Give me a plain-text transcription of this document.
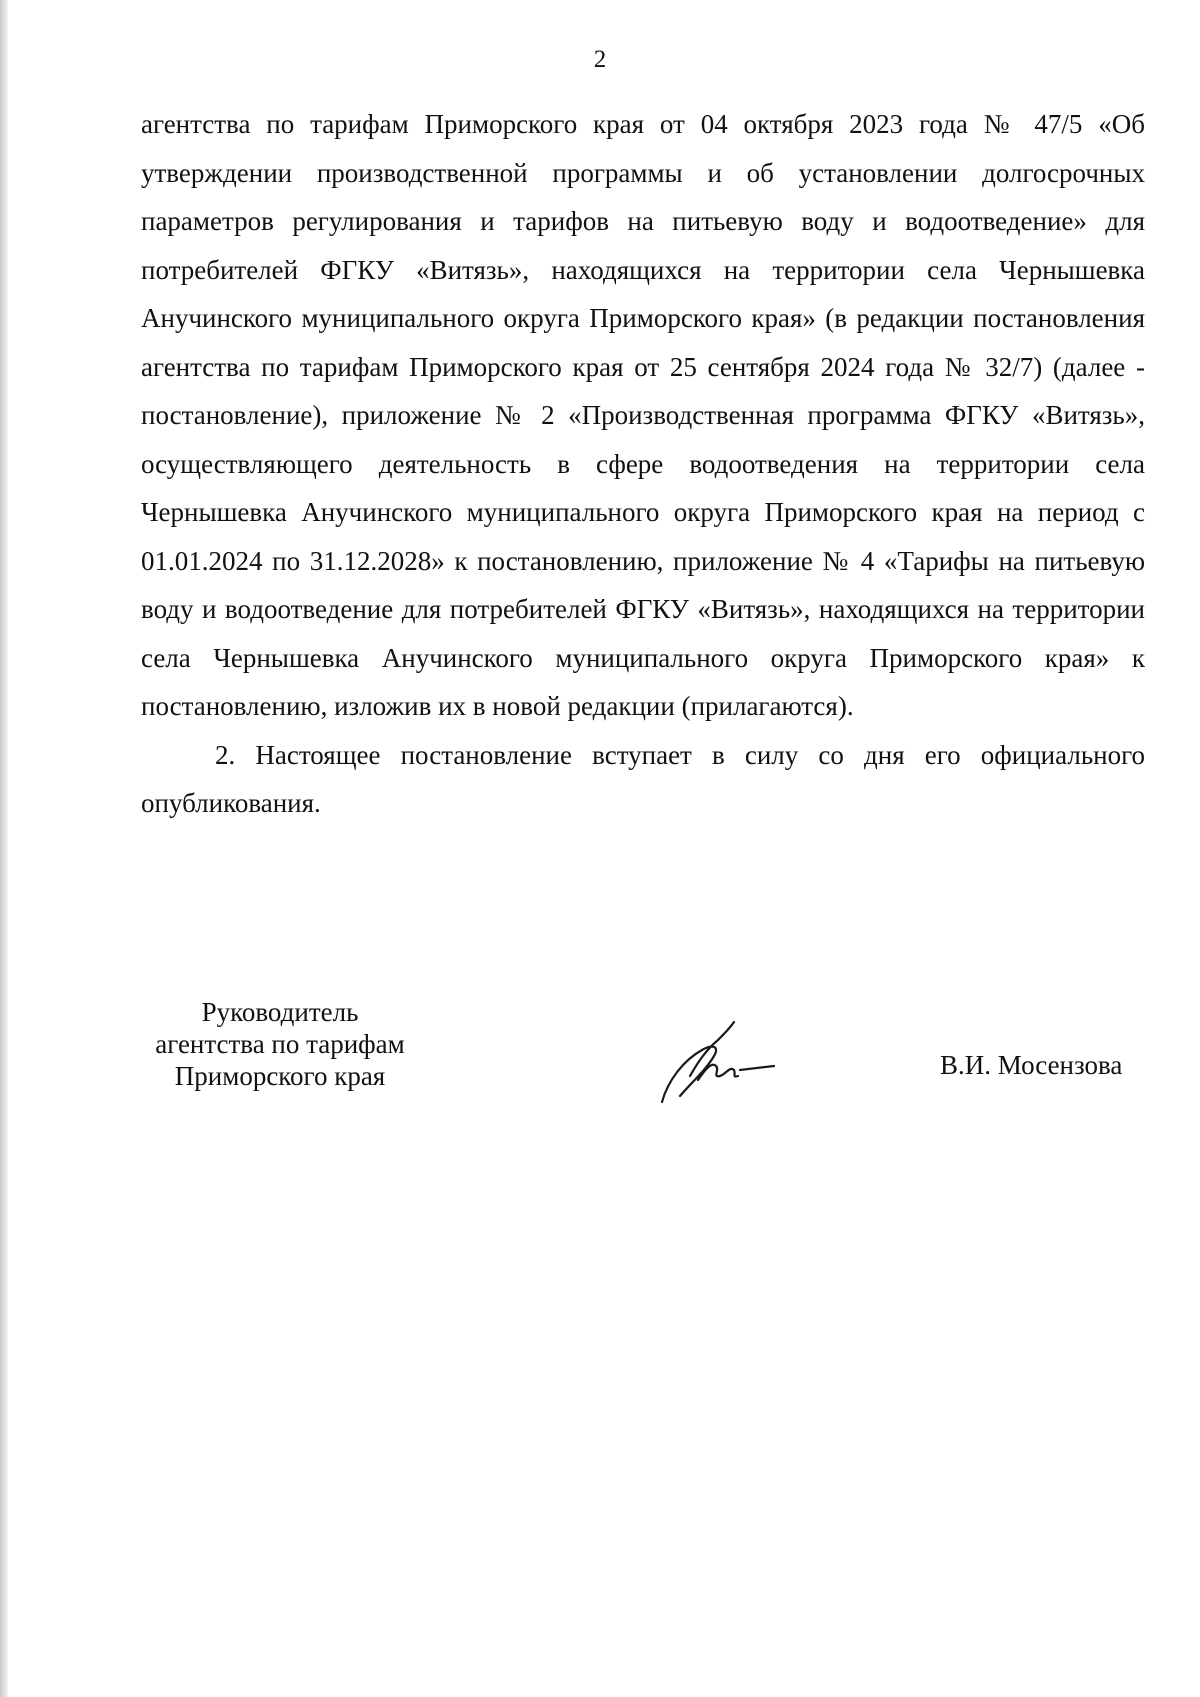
2

агентства по тарифам Приморского края от 04 октября 2023 года № 47/5 «Об утверждении производственной программы и об установлении долгосрочных параметров регулирования и тарифов на питьевую воду и водоотведение» для потребителей ФГКУ «Витязь», находящихся на территории села Чернышевка Анучинского муниципального округа Приморского края» (в редакции постановления агентства по тарифам Приморского края от 25 сентября 2024 года № 32/7) (далее - постановление), приложение № 2 «Производственная программа ФГКУ «Витязь», осуществляющего деятельность в сфере водоотведения на территории села Чернышевка Анучинского муниципального округа Приморского края на период с 01.01.2024 по 31.12.2028» к постановлению, приложение № 4 «Тарифы на питьевую воду и водоотведение для потребителей ФГКУ «Витязь», находящихся на территории села Чернышевка Анучинского муниципального округа Приморского края» к постановлению, изложив их в новой редакции (прилагаются).

2. Настоящее постановление вступает в силу со дня его официального опубликования.

Руководитель
агентства по тарифам
Приморского края	В.И. Мосензова
